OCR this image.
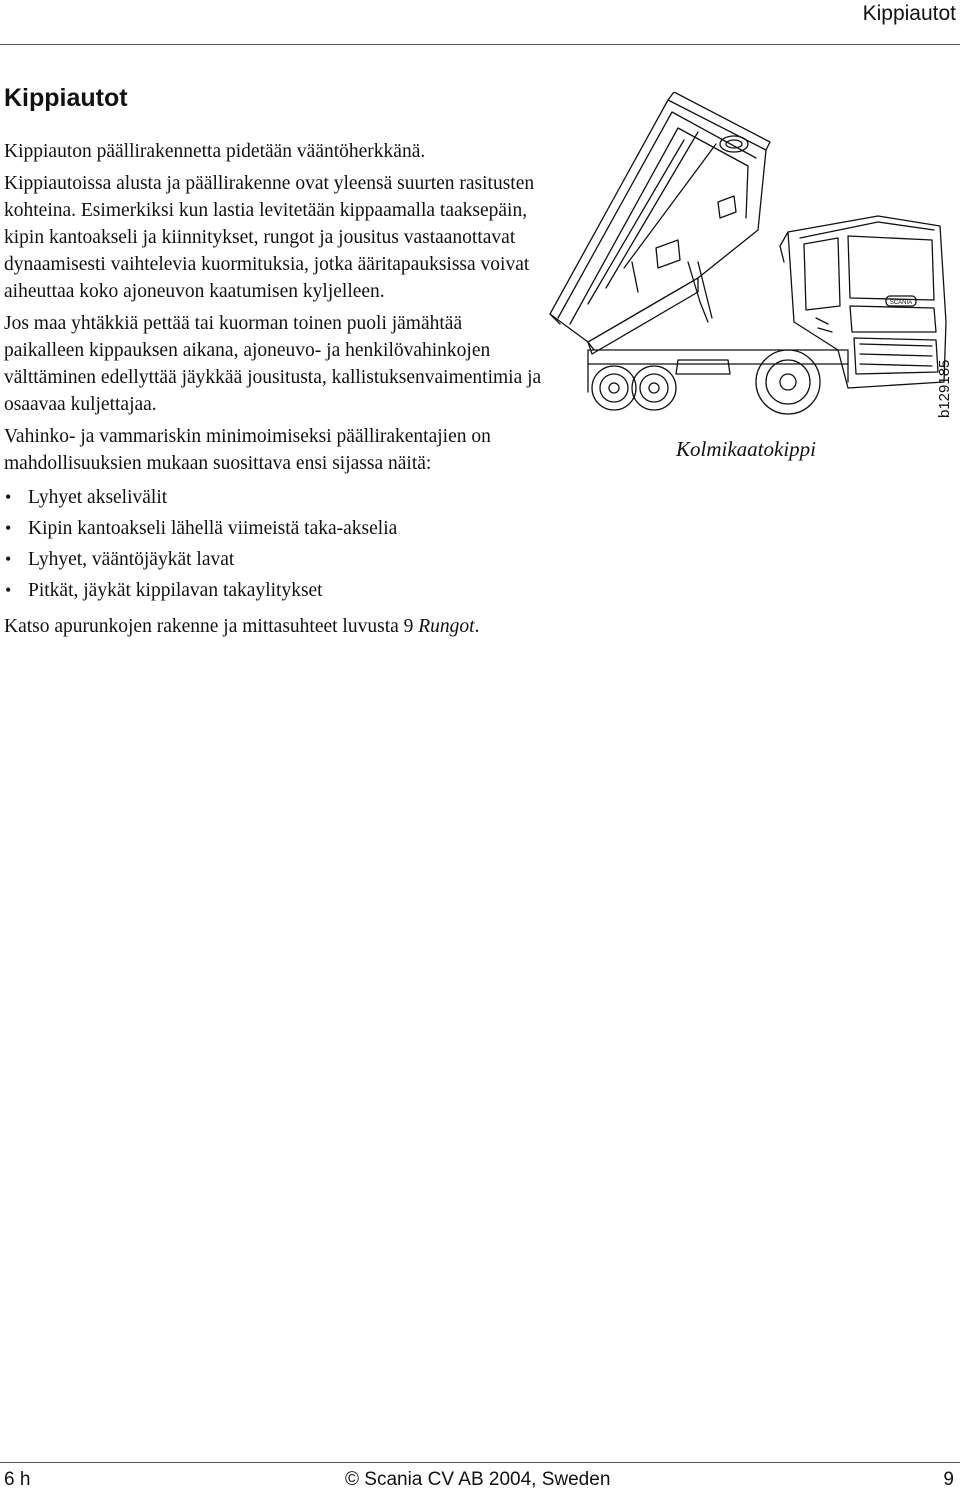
Kippiautot
Kippiautot

Kippiauton päällirakennetta pidetään vääntöherkkänä.

Kippiautoissa alusta ja päällirakenne ovat yleensä suurten rasitusten kohteina. Esimerkiksi kun lastia levitetään kippaamalla taaksepäin, kipin kantoakseli ja kiinnitykset, rungot ja jousitus vastaanottavat dynaamisesti vaihtelevia kuormituksia, jotka ääritapauksissa voivat aiheuttaa koko ajoneuvon kaatumisen kyljelleen.

Jos maa yhtäkkiä pettää tai kuorman toinen puoli jämähtää paikalleen kippauksen aikana, ajoneuvo- ja henkilövahinkojen välttäminen edellyttää jäykkää jousitusta, kallistuksenvaimentimia ja osaavaa kuljettajaa.

Vahinko- ja vammariskin minimoimiseksi päällirakentajien on mahdollisuuksien mukaan suosittava ensi sijassa näitä:

• Lyhyet akselivälit
• Kipin kantoakseli lähellä viimeistä taka-akselia
• Lyhyet, vääntöjäykät lavat
• Pitkät, jäykät kippilavan takaylitykset

Katso apurunkojen rakenne ja mittasuhteet luvusta 9 Rungot.

SCANIA
Kolmikaatokippi
b129185
6 h	© Scania CV AB 2004, Sweden	9
